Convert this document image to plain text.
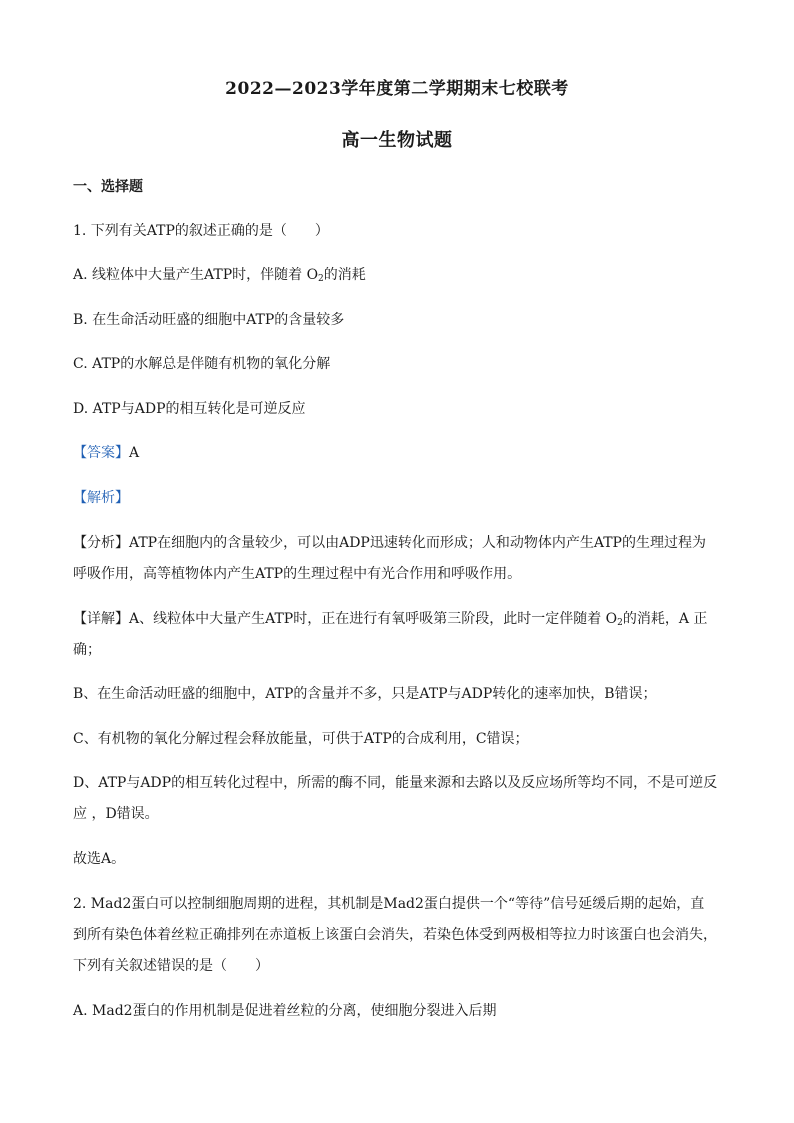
2022—2023学年度第二学期期末七校联考
高一生物试题
一、选择题
1. 下列有关ATP的叙述正确的是（　　）
A. 线粒体中大量产生ATP时，伴随着 $O_2$的消耗
B. 在生命活动旺盛的细胞中ATP的含量较多
C. ATP的水解总是伴随有机物的氧化分解
D. ATP与ADP的相互转化是可逆反应
【答案】A
【解析】
【分析】ATP在细胞内的含量较少，可以由ADP迅速转化而形成；人和动物体内产生ATP的生理过程为
呼吸作用，高等植物体内产生ATP的生理过程中有光合作用和呼吸作用。
【详解】A、线粒体中大量产生ATP时，正在进行有氧呼吸第三阶段，此时一定伴随着 $O_2$的消耗，A 正
确；
B、在生命活动旺盛的细胞中，ATP的含量并不多，只是ATP与ADP转化的速率加快，B错误；
C、有机物的氧化分解过程会释放能量，可供于ATP的合成利用，C错误；
D、ATP与ADP的相互转化过程中，所需的酶不同，能量来源和去路以及反应场所等均不同，不是可逆反
应 ，D错误。
故选A。
2. Mad2蛋白可以控制细胞周期的进程，其机制是Mad2蛋白提供一个“等待”信号延缓后期的起始，直
到所有染色体着丝粒正确排列在赤道板上该蛋白会消失，若染色体受到两极相等拉力时该蛋白也会消失，
下列有关叙述错误的是（　　）
A. Mad2蛋白的作用机制是促进着丝粒的分离，使细胞分裂进入后期
